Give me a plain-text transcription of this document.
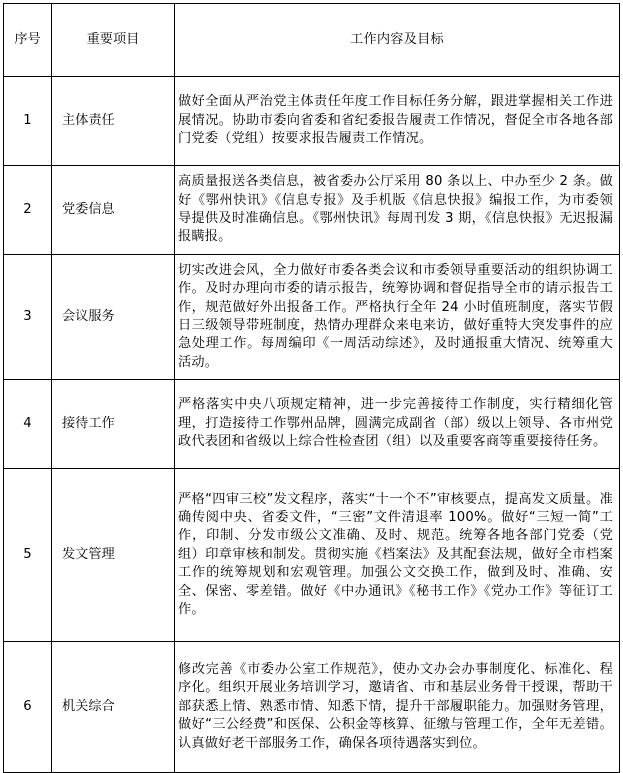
序号	重要项目	工作内容及目标
1	主体责任	做好全面从严治党主体责任年度工作目标任务分解，跟进掌握相关工作进展情况。协助市委向省委和省纪委报告履责工作情况，督促全市各地各部门党委（党组）按要求报告履责工作情况。
2	党委信息	高质量报送各类信息，被省委办公厅采用 80 条以上、中办至少 2 条。做好《鄂州快讯》《信息专报》及手机版《信息快报》编报工作，为市委领导提供及时准确信息。《鄂州快讯》每周刊发 3 期，《信息快报》无迟报漏报瞒报。
3	会议服务	切实改进会风，全力做好市委各类会议和市委领导重要活动的组织协调工作。及时办理向市委的请示报告，统筹协调和督促指导全市的请示报告工作，规范做好外出报备工作。严格执行全年 24 小时值班制度，落实节假日三级领导带班制度，热情办理群众来电来访，做好重特大突发事件的应急处理工作。每周编印《一周活动综述》，及时通报重大情况、统筹重大活动。
4	接待工作	严格落实中央八项规定精神，进一步完善接待工作制度，实行精细化管理，打造接待工作鄂州品牌，圆满完成副省（部）级以上领导、各市州党政代表团和省级以上综合性检查团（组）以及重要客商等重要接待任务。
5	发文管理	严格“四审三校”发文程序，落实“十一个不”审核要点，提高发文质量。准确传阅中央、省委文件，“三密”文件清退率 100%。做好“三短一简”工作，印制、分发市级公文准确、及时、规范。统筹各地各部门党委（党组）印章审核和制发。贯彻实施《档案法》及其配套法规，做好全市档案工作的统筹规划和宏观管理。加强公文交换工作，做到及时、准确、安全、保密、零差错。做好《中办通讯》《秘书工作》《党办工作》等征订工作。
6	机关综合	修改完善《市委办公室工作规范》，使办文办会办事制度化、标准化、程序化。组织开展业务培训学习，邀请省、市和基层业务骨干授课，帮助干部获悉上情、熟悉市情、知悉下情，提升干部履职能力。加强财务管理，做好“三公经费”和医保、公积金等核算、征缴与管理工作，全年无差错。认真做好老干部服务工作，确保各项待遇落实到位。
